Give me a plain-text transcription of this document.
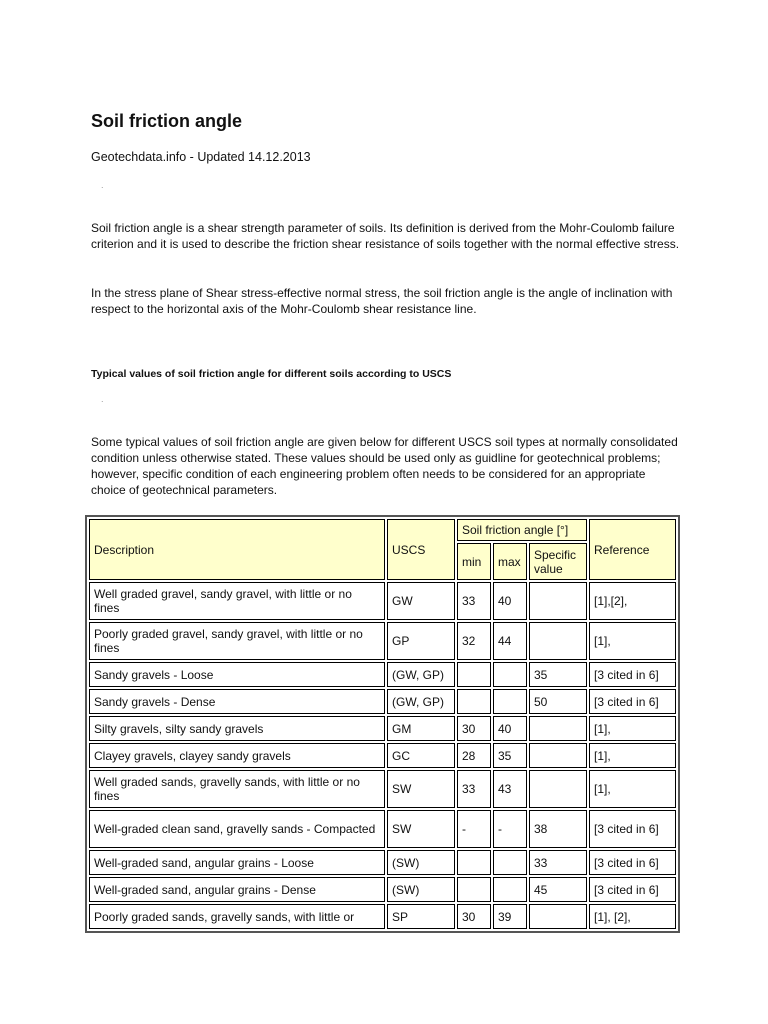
Soil friction angle
Geotechdata.info - Updated 14.12.2013
.

Soil friction angle is a shear strength parameter of soils. Its definition is derived from the Mohr-Coulomb failure criterion and it is used to describe the friction shear resistance of soils together with the normal effective stress.

In the stress plane of Shear stress-effective normal stress, the soil friction angle is the angle of inclination with respect to the horizontal axis of the Mohr-Coulomb shear resistance line.

Typical values of soil friction angle for different soils according to USCS
.

Some typical values of soil friction angle are given below for different USCS soil types at normally consolidated condition unless otherwise stated. These values should be used only as guidline for geotechnical problems; however, specific condition of each engineering problem often needs to be considered for an appropriate choice of geotechnical parameters.

Description	USCS	Soil friction angle [°]			Reference
		min	max	Specific value	
Well graded gravel, sandy gravel, with little or no fines	GW	33	40		[1],[2],
Poorly graded gravel, sandy gravel, with little or no fines	GP	32	44		[1],
Sandy gravels - Loose	(GW, GP)			35	[3 cited in 6]
Sandy gravels - Dense	(GW, GP)			50	[3 cited in 6]
Silty gravels, silty sandy gravels	GM	30	40		[1],
Clayey gravels, clayey sandy gravels	GC	28	35		[1],
Well graded sands, gravelly sands, with little or no fines	SW	33	43		[1],
Well-graded clean sand, gravelly sands - Compacted	SW	-	-	38	[3 cited in 6]
Well-graded sand, angular grains - Loose	(SW)			33	[3 cited in 6]
Well-graded sand, angular grains - Dense	(SW)			45	[3 cited in 6]
Poorly graded sands, gravelly sands, with little or	SP	30	39		[1], [2],
